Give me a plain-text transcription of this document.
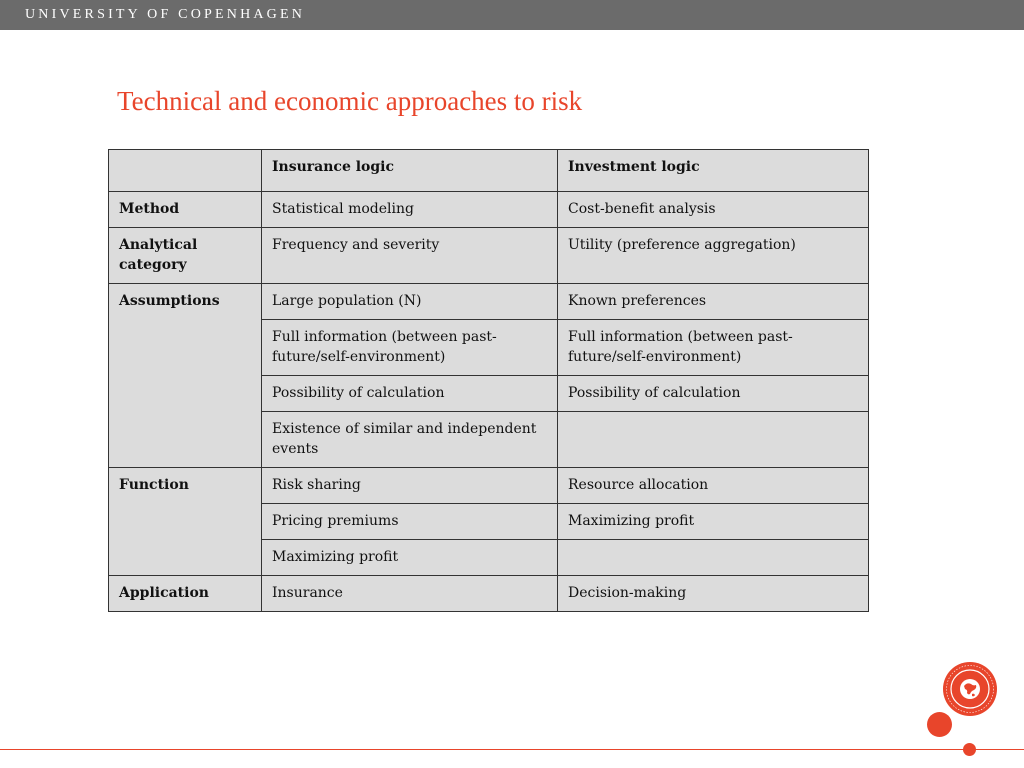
UNIVERSITY OF COPENHAGEN
Technical and economic approaches to risk
	Insurance logic	Investment logic
Method	Statistical modeling	Cost-benefit analysis
Analytical category	Frequency and severity	Utility (preference aggregation)
Assumptions	Large population (N)	Known preferences
	Full information (between past-future/self-environment)	Full information (between past-future/self-environment)
	Possibility of calculation	Possibility of calculation
	Existence of similar and independent events	
Function	Risk sharing	Resource allocation
	Pricing premiums	Maximizing profit
	Maximizing profit	
Application	Insurance	Decision-making
